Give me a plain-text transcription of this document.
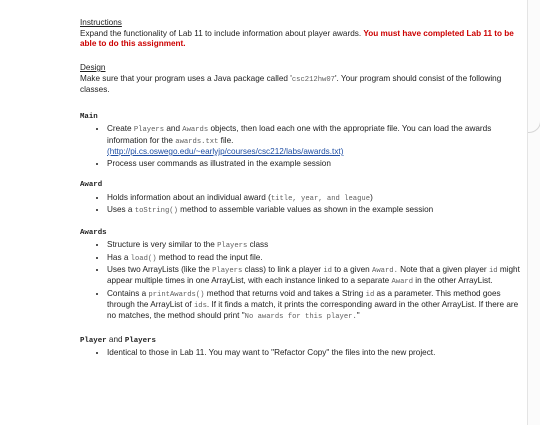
Instructions

Expand the functionality of Lab 11 to include information about player awards. You must have completed Lab 11 to be able to do this assignment.

Design

Make sure that your program uses a Java package called 'csc212hw07'. Your program should consist of the following classes.

Main

• Create Players and Awards objects, then load each one with the appropriate file. You can load the awards information for the awards.txt file.
(http://pi.cs.oswego.edu/~earlyjp/courses/csc212/labs/awards.txt)
• Process user commands as illustrated in the example session

Award

• Holds information about an individual award (title, year, and league)
• Uses a toString() method to assemble variable values as shown in the example session

Awards

• Structure is very similar to the Players class
• Has a load() method to read the input file.
• Uses two ArrayLists (like the Players class) to link a player id to a given Award. Note that a given player id might appear multiple times in one ArrayList, with each instance linked to a separate Award in the other ArrayList.
• Contains a printAwards() method that returns void and takes a String id as a parameter. This method goes through the ArrayList of ids. If it finds a match, it prints the corresponding award in the other ArrayList. If there are no matches, the method should print "No awards for this player."

Player and Players

• Identical to those in Lab 11. You may want to "Refactor Copy" the files into the new project.
